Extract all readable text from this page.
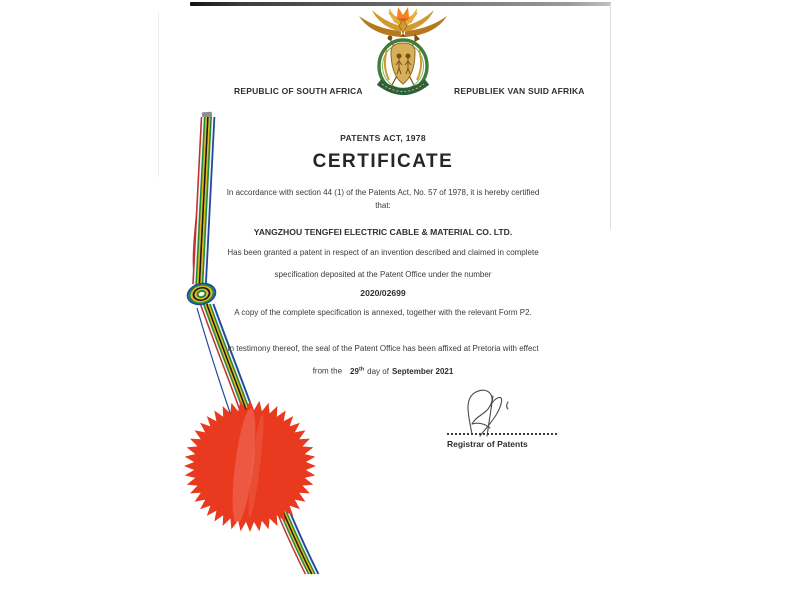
REPUBLIC OF SOUTH AFRICA	REPUBLIEK VAN SUID AFRIKA
PATENTS ACT, 1978
CERTIFICATE
In accordance with section 44 (1) of the Patents Act, No. 57 of 1978, it is hereby certified
that:
YANGZHOU TENGFEI ELECTRIC CABLE & MATERIAL CO. LTD.
Has been granted a patent in respect of an invention described and claimed in complete
specification deposited at the Patent Office under the number
2020/02699
A copy of the complete specification is annexed, together with the relevant Form P2.
In testimony thereof, the seal of the Patent Office has been affixed at Pretoria with effect
from the 29th day of September 2021
Registrar of Patents
